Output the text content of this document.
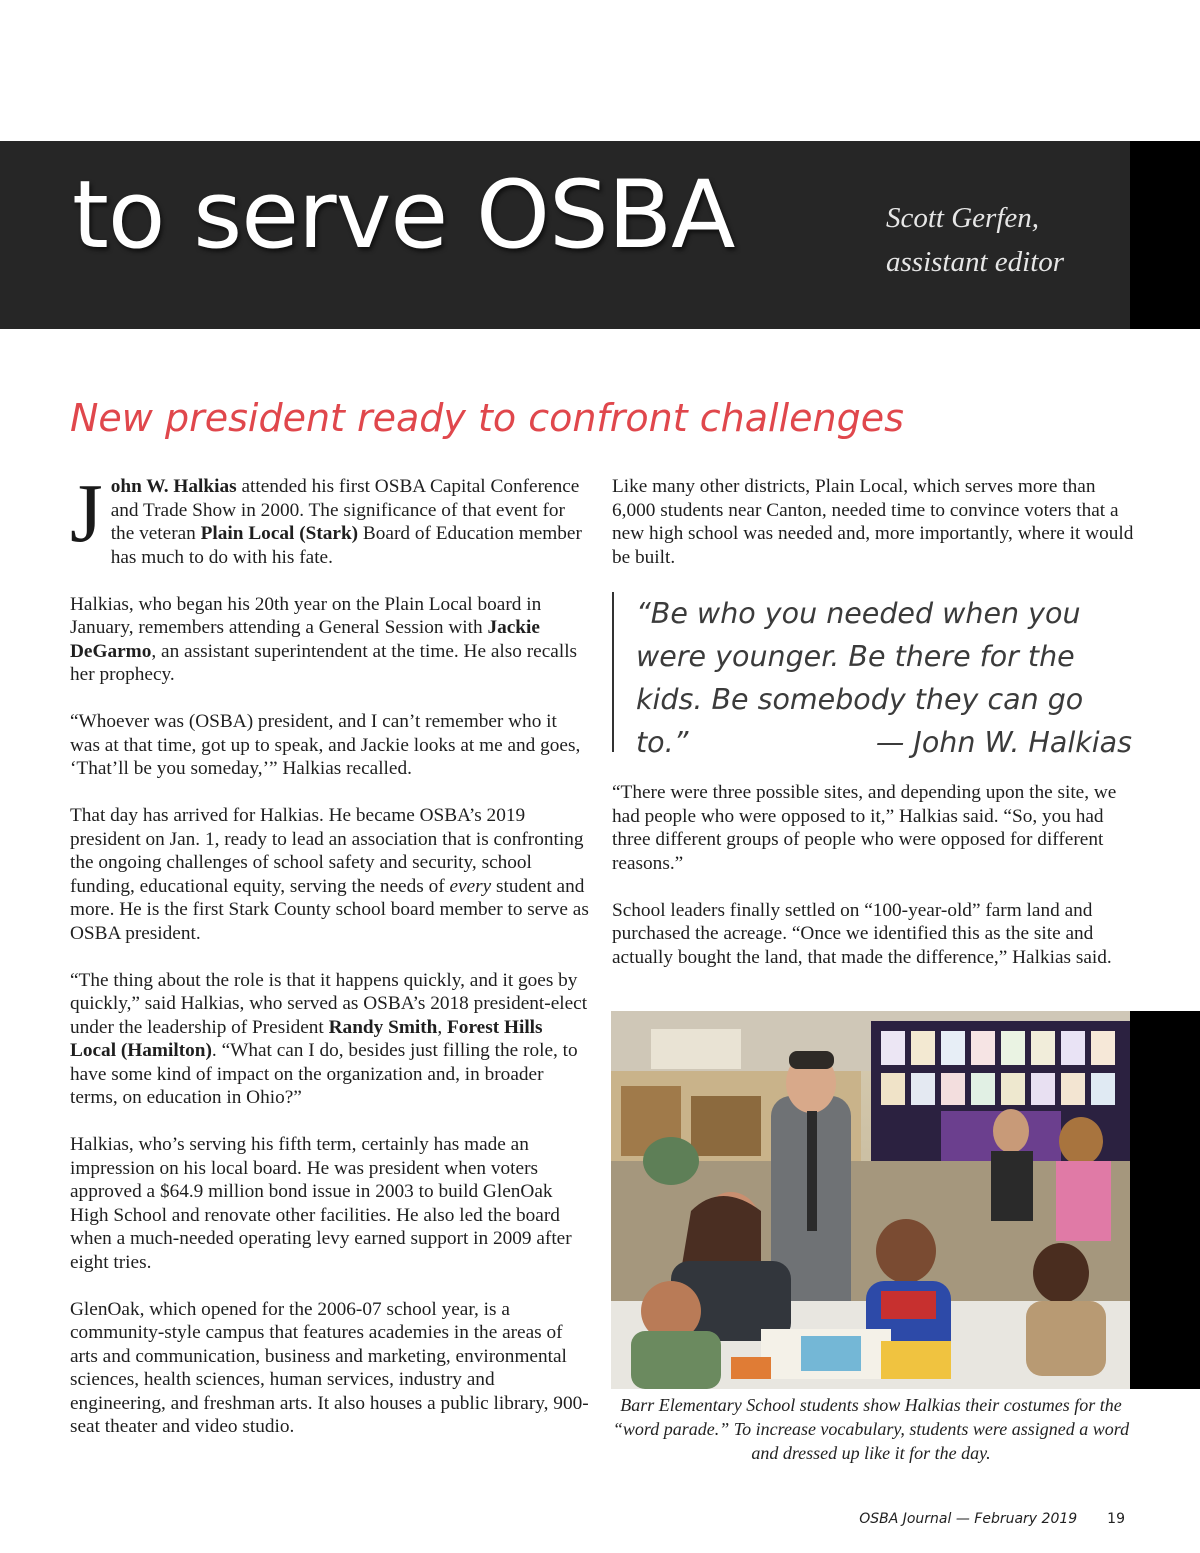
to serve OSBA	Scott Gerfen,
assistant editor
New president ready to confront challenges

John W. Halkias attended his first OSBA Capital Conference and Trade Show in 2000. The significance of that event for the veteran Plain Local (Stark) Board of Education member has much to do with his fate.

Halkias, who began his 20th year on the Plain Local board in January, remembers attending a General Session with Jackie DeGarmo, an assistant superintendent at the time. He also recalls her prophecy.

“Whoever was (OSBA) president, and I can’t remember who it was at that time, got up to speak, and Jackie looks at me and goes, ‘That’ll be you someday,’” Halkias recalled.

That day has arrived for Halkias. He became OSBA’s 2019 president on Jan. 1, ready to lead an association that is confronting the ongoing challenges of school safety and security, school funding, educational equity, serving the needs of every student and more. He is the first Stark County school board member to serve as OSBA president.

“The thing about the role is that it happens quickly, and it goes by quickly,” said Halkias, who served as OSBA’s 2018 president-elect under the leadership of President Randy Smith, Forest Hills Local (Hamilton). “What can I do, besides just filling the role, to have some kind of impact on the organization and, in broader terms, on education in Ohio?”

Halkias, who’s serving his fifth term, certainly has made an impression on his local board. He was president when voters approved a $64.9 million bond issue in 2003 to build GlenOak High School and renovate other facilities. He also led the board when a much-needed operating levy earned support in 2009 after eight tries.

GlenOak, which opened for the 2006-07 school year, is a community-style campus that features academies in the areas of arts and communication, business and marketing, environmental sciences, health sciences, human services, industry and engineering, and freshman arts. It also houses a public library, 900-seat theater and video studio.

Like many other districts, Plain Local, which serves more than 6,000 students near Canton, needed time to convince voters that a new high school was needed and, more importantly, where it would be built.

“Be who you needed when you were younger. Be there for the kids. Be somebody they can go to.”	— John W. Halkias

“There were three possible sites, and depending upon the site, we had people who were opposed to it,” Halkias said. “So, you had three different groups of people who were opposed for different reasons.”

School leaders finally settled on “100-year-old” farm land and purchased the acreage. “Once we identified this as the site and actually bought the land, that made the difference,” Halkias said.

Barr Elementary School students show Halkias their costumes for the “word parade.” To increase vocabulary, students were assigned a word and dressed up like it for the day.
OSBA Journal — February 2019 19
